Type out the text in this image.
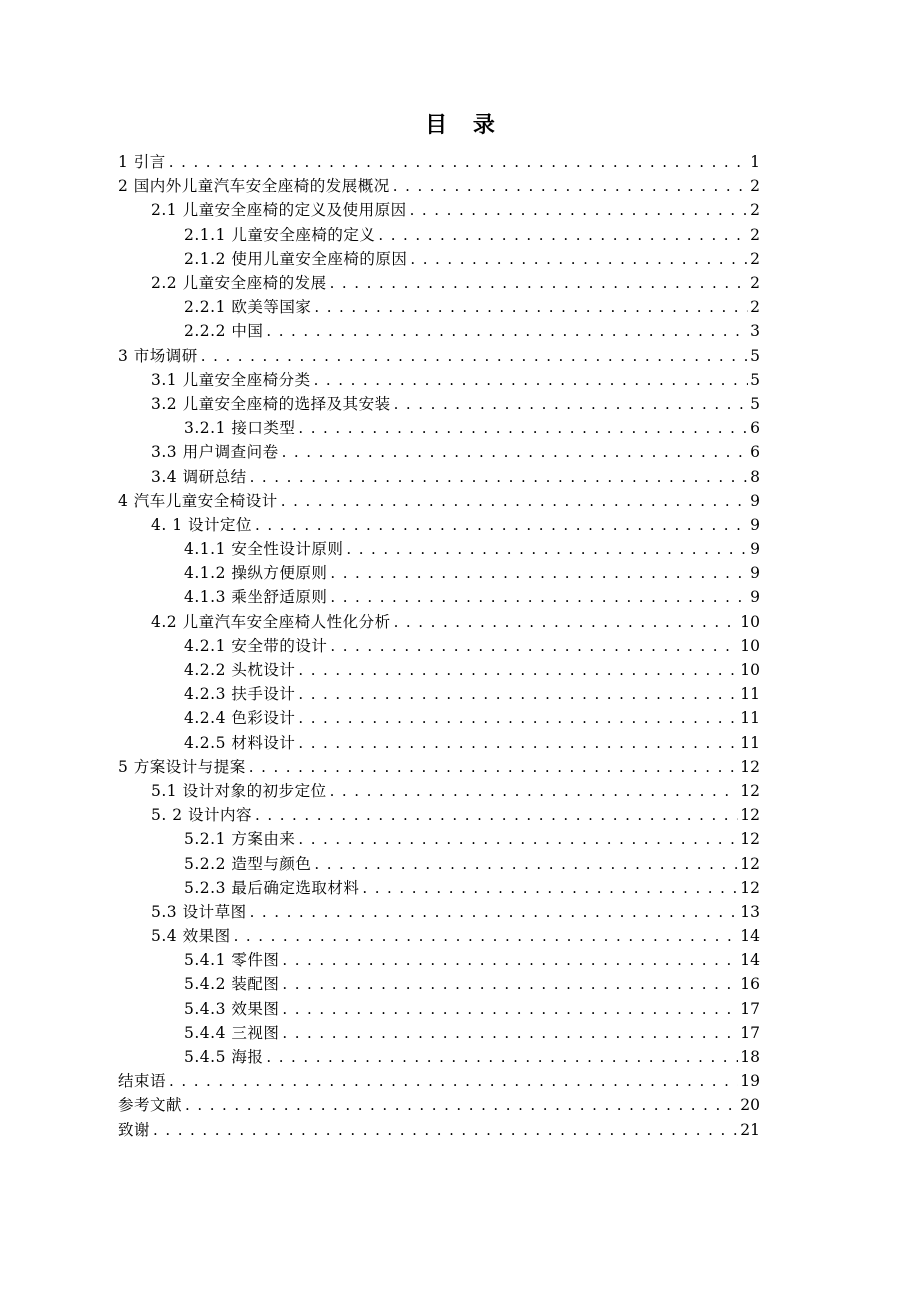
目 录
1 引言 . . .	1
2 国内外儿童汽车安全座椅的发展概况 . . .	2
2.1 儿童安全座椅的定义及使用原因 . . .	2
2.1.1 儿童安全座椅的定义 . . .	2
2.1.2 使用儿童安全座椅的原因 . . .	2
2.2 儿童安全座椅的发展 . . .	2
2.2.1 欧美等国家 . . .	2
2.2.2 中国 . . .	3
3 市场调研 . . .	5
3.1 儿童安全座椅分类 . . .	5
3.2 儿童安全座椅的选择及其安装 . . .	5
3.2.1 接口类型 . . .	6
3.3 用户调查问卷 . . .	6
3.4 调研总结 . . .	8
4 汽车儿童安全椅设计 . . .	9
4. 1 设计定位 . . .	9
4.1.1 安全性设计原则 . . .	9
4.1.2 操纵方便原则 . . .	9
4.1.3 乘坐舒适原则 . . .	9
4.2 儿童汽车安全座椅人性化分析 . . .	10
4.2.1 安全带的设计 . . .	10
4.2.2 头枕设计 . . .	10
4.2.3 扶手设计 . . .	11
4.2.4 色彩设计 . . .	11
4.2.5 材料设计 . . .	11
5 方案设计与提案 . . .	12
5.1 设计对象的初步定位 . . .	12
5. 2 设计内容 . . .	12
5.2.1 方案由来 . . .	12
5.2.2 造型与颜色 . . .	12
5.2.3 最后确定选取材料 . . .	12
5.3 设计草图 . . .	13
5.4 效果图 . . .	14
5.4.1 零件图 . . .	14
5.4.2 装配图 . . .	16
5.4.3 效果图 . . .	17
5.4.4 三视图 . . .	17
5.4.5 海报 . . .	18
结束语 . . .	19
参考文献 . . .	20
致谢 . . .	21
